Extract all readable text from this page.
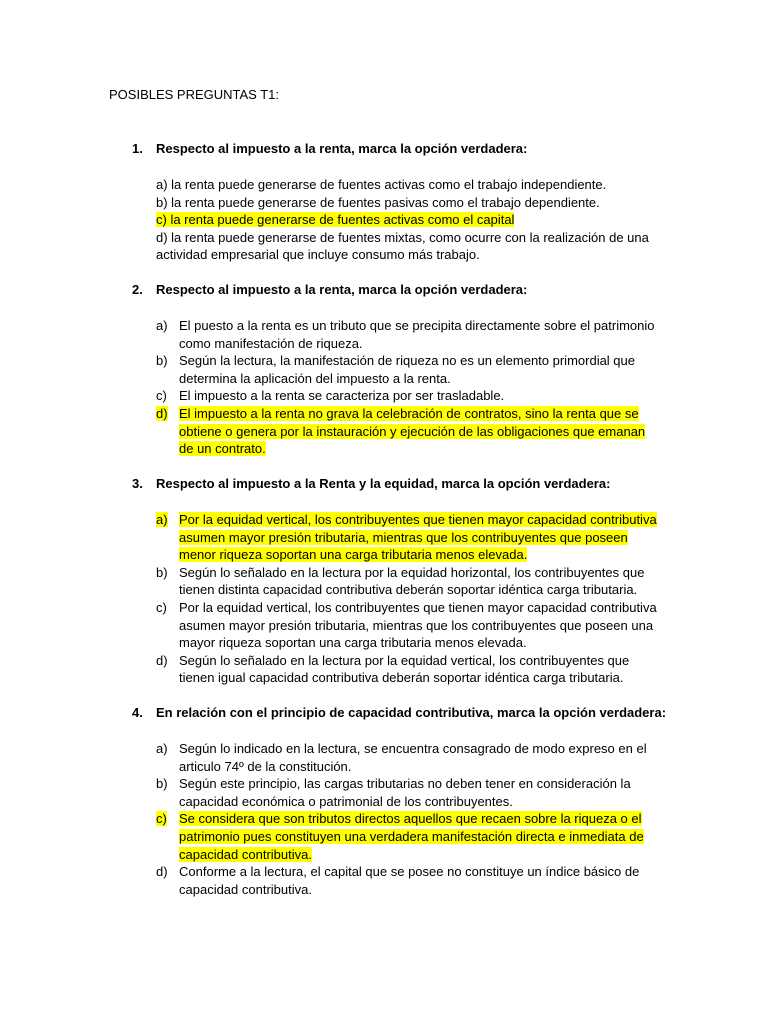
POSIBLES PREGUNTAS T1:
1.	Respecto al impuesto a la renta, marca la opción verdadera:
a) la renta puede generarse de fuentes activas como el trabajo independiente.
b) la renta puede generarse de fuentes pasivas como el trabajo dependiente.
c) la renta puede generarse de fuentes activas como el capital
d) la renta puede generarse de fuentes mixtas, como ocurre con la realización de una actividad empresarial que incluye consumo más trabajo.
2.	Respecto al impuesto a la renta, marca la opción verdadera:
a) El puesto a la renta es un tributo que se precipita directamente sobre el patrimonio como manifestación de riqueza.
b) Según la lectura, la manifestación de riqueza no es un elemento primordial que determina la aplicación del impuesto a la renta.
c) El impuesto a la renta se caracteriza por ser trasladable.
d) El impuesto a la renta no grava la celebración de contratos, sino la renta que se obtiene o genera por la instauración y ejecución de las obligaciones que emanan de un contrato.
3.	Respecto al impuesto a la Renta y la equidad, marca la opción verdadera:
a) Por la equidad vertical, los contribuyentes que tienen mayor capacidad contributiva asumen mayor presión tributaria, mientras que los contribuyentes que poseen menor riqueza soportan una carga tributaria menos elevada.
b) Según lo señalado en la lectura por la equidad horizontal, los contribuyentes que tienen distinta capacidad contributiva deberán soportar idéntica carga tributaria.
c) Por la equidad vertical, los contribuyentes que tienen mayor capacidad contributiva asumen mayor presión tributaria, mientras que los contribuyentes que poseen una mayor riqueza soportan una carga tributaria menos elevada.
d) Según lo señalado en la lectura por la equidad vertical, los contribuyentes que tienen igual capacidad contributiva deberán soportar idéntica carga tributaria.
4.	En relación con el principio de capacidad contributiva, marca la opción verdadera:
a) Según lo indicado en la lectura, se encuentra consagrado de modo expreso en el articulo 74º de la constitución.
b) Según este principio, las cargas tributarias no deben tener en consideración la capacidad económica o patrimonial de los contribuyentes.
c) Se considera que son tributos directos aquellos que recaen sobre la riqueza o el patrimonio pues constituyen una verdadera manifestación directa e inmediata de capacidad contributiva.
d) Conforme a la lectura, el capital que se posee no constituye un índice básico de capacidad contributiva.
